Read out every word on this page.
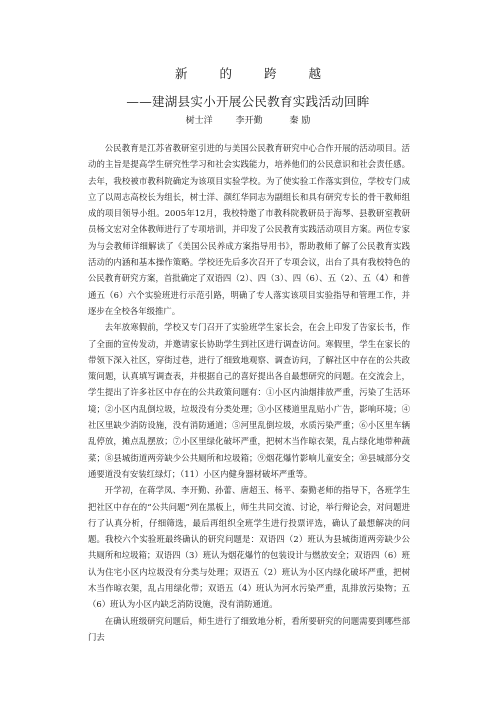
新 的 跨 越
——建湖县实小开展公民教育实践活动回眸
树士洋	李开勤	秦 励

公民教育是江苏省教研室引进的与美国公民教育研究中心合作开展的活动项目。活动的主旨是提高学生研究性学习和社会实践能力，培养他们的公民意识和社会责任感。去年，我校被市教科院确定为该项目实验学校。为了使实验工作落实到位，学校专门成立了以周志高校长为组长，树士洋、颜红华同志为副组长和具有研究专长的骨干教师组成的项目领导小组。2005年12月，我校特邀了市教科院教研员于海琴、县教研室教研员杨文宏对全体教师进行了专项培训，并印发了公民教育实践活动项目方案。两位专家为与会教师详细解读了《美国公民养成方案指导用书》，帮助教师了解了公民教育实践活动的内涵和基本操作策略。学校还先后多次召开了专项会议，出台了具有我校特色的公民教育研究方案，首批确定了双语四（2）、四（3）、四（6）、五（2）、五（4）和普通五（6）六个实验班进行示范引路，明确了专人落实该项目实验指导和管理工作，并逐步在全校各年级推广。

去年放寒假前，学校又专门召开了实验班学生家长会，在会上印发了告家长书，作了全面的宣传发动，并邀请家长协助学生到社区进行调查访问。寒假里，学生在家长的带领下深入社区，穿街过巷，进行了细致地观察、调查访问，了解社区中存在的公共政策问题，认真填写调查表，并根据自己的喜好提出各自最想研究的问题。在交流会上，学生提出了许多社区中存在的公共政策问题有：①小区内油烟排放严重，污染了生活环境；②小区内乱倒垃圾，垃圾没有分类处理；③小区楼道里乱贴小广告，影响环境；④社区里缺少消防设施，没有消防通道；⑤河里乱倒垃圾，水质污染严重；⑥小区里车辆乱停放，摊点乱摆放；⑦小区里绿化破坏严重，把树木当作晾衣架，乱占绿化地带种蔬菜；⑧县城街道两旁缺少公共厕所和垃圾箱；⑨烟花爆竹影响儿童安全；⑩县城部分交通要道没有安装红绿灯；（11）小区内健身器材破坏严重等。

开学初，在蒋学凤、李开勤、孙蕾、唐超玉、杨平、秦勤老师的指导下，各班学生把社区中存在的“公共问题”列在黑板上，师生共同交流、讨论，举行辩论会，对问题进行了认真分析，仔细筛选，最后再组织全班学生进行投票评选，确认了最想解决的问题。我校六个实验班最终确认的研究问题是：双语四（2）班认为县城街道两旁缺少公共厕所和垃圾箱；双语四（3）班认为烟花爆竹的包装设计与燃放安全；双语四（6）班认为住宅小区内垃圾没有分类与处理；双语五（2）班认为小区内绿化破坏严重，把树木当作晾衣架，乱占用绿化带；双语五（4）班认为河水污染严重，乱排放污染物；五（6）班认为小区内缺乏消防设施，没有消防通道。

在确认班级研究问题后，师生进行了细致地分析，看所要研究的问题需要到哪些部门去
